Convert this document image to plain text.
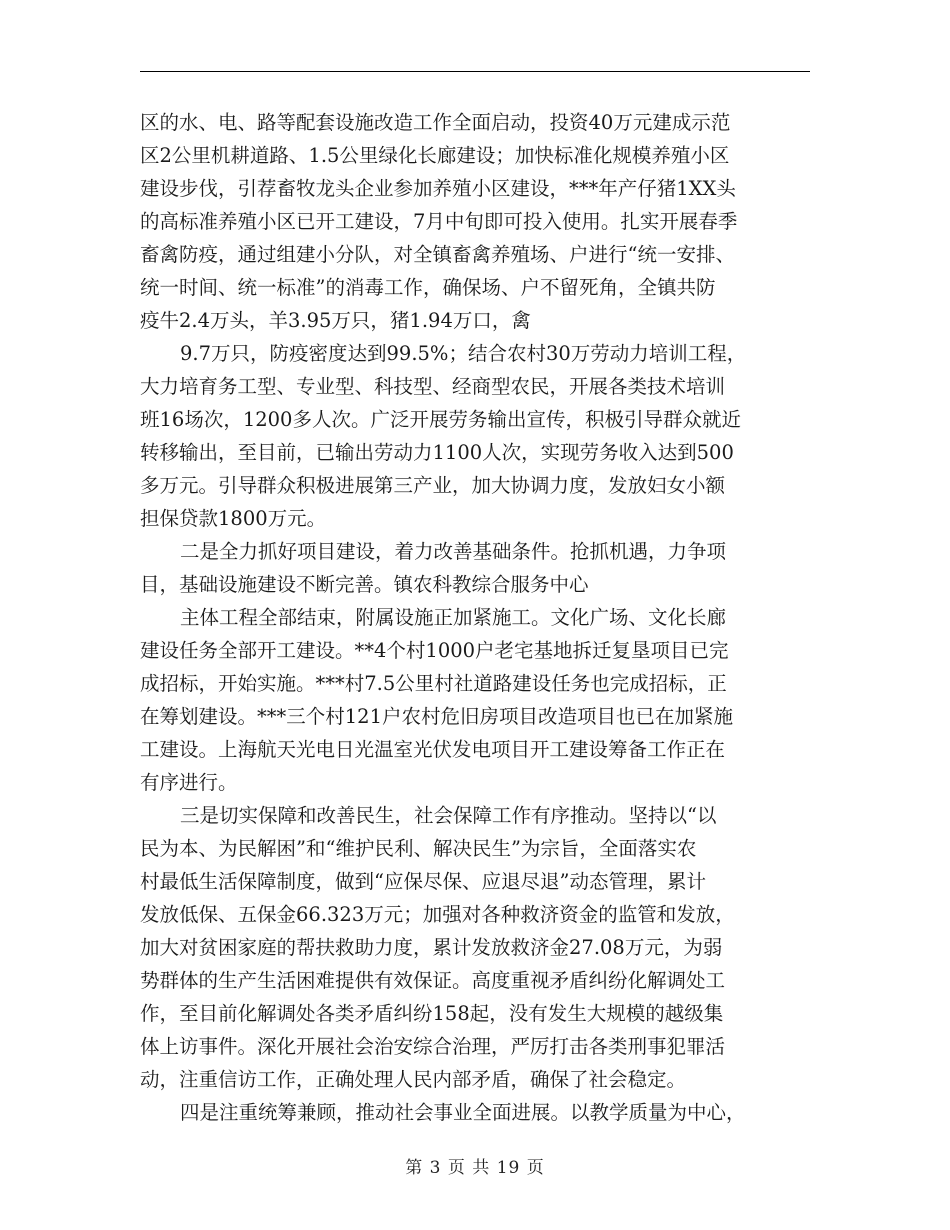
区的水、电、路等配套设施改造工作全面启动，投资40万元建成示范
区2公里机耕道路、1.5公里绿化长廊建设；加快标准化规模养殖小区
建设步伐，引荐畜牧龙头企业参加养殖小区建设，***年产仔猪1XX头
的高标准养殖小区已开工建设，7月中旬即可投入使用。扎实开展春季
畜禽防疫，通过组建小分队，对全镇畜禽养殖场、户进行“统一安排、
统一时间、统一标准”的消毒工作，确保场、户不留死角，全镇共防
疫牛2.4万头，羊3.95万只，猪1.94万口，禽
9.7万只，防疫密度达到99.5%；结合农村30万劳动力培训工程，
大力培育务工型、专业型、科技型、经商型农民，开展各类技术培训
班16场次，1200多人次。广泛开展劳务输出宣传，积极引导群众就近
转移输出，至目前，已输出劳动力1100人次，实现劳务收入达到500
多万元。引导群众积极进展第三产业，加大协调力度，发放妇女小额
担保贷款1800万元。
二是全力抓好项目建设，着力改善基础条件。抢抓机遇，力争项
目，基础设施建设不断完善。镇农科教综合服务中心
主体工程全部结束，附属设施正加紧施工。文化广场、文化长廊
建设任务全部开工建设。**4个村1000户老宅基地拆迁复垦项目已完
成招标，开始实施。***村7.5公里村社道路建设任务也完成招标，正
在筹划建设。***三个村121户农村危旧房项目改造项目也已在加紧施
工建设。上海航天光电日光温室光伏发电项目开工建设筹备工作正在
有序进行。
三是切实保障和改善民生，社会保障工作有序推动。坚持以“以
民为本、为民解困”和“维护民利、解决民生”为宗旨，全面落实农
村最低生活保障制度，做到“应保尽保、应退尽退”动态管理，累计
发放低保、五保金66.323万元；加强对各种救济资金的监管和发放，
加大对贫困家庭的帮扶救助力度，累计发放救济金27.08万元，为弱
势群体的生产生活困难提供有效保证。高度重视矛盾纠纷化解调处工
作，至目前化解调处各类矛盾纠纷158起，没有发生大规模的越级集
体上访事件。深化开展社会治安综合治理，严厉打击各类刑事犯罪活
动，注重信访工作，正确处理人民内部矛盾，确保了社会稳定。
四是注重统筹兼顾，推动社会事业全面进展。以教学质量为中心，
第 3 页 共 19 页
